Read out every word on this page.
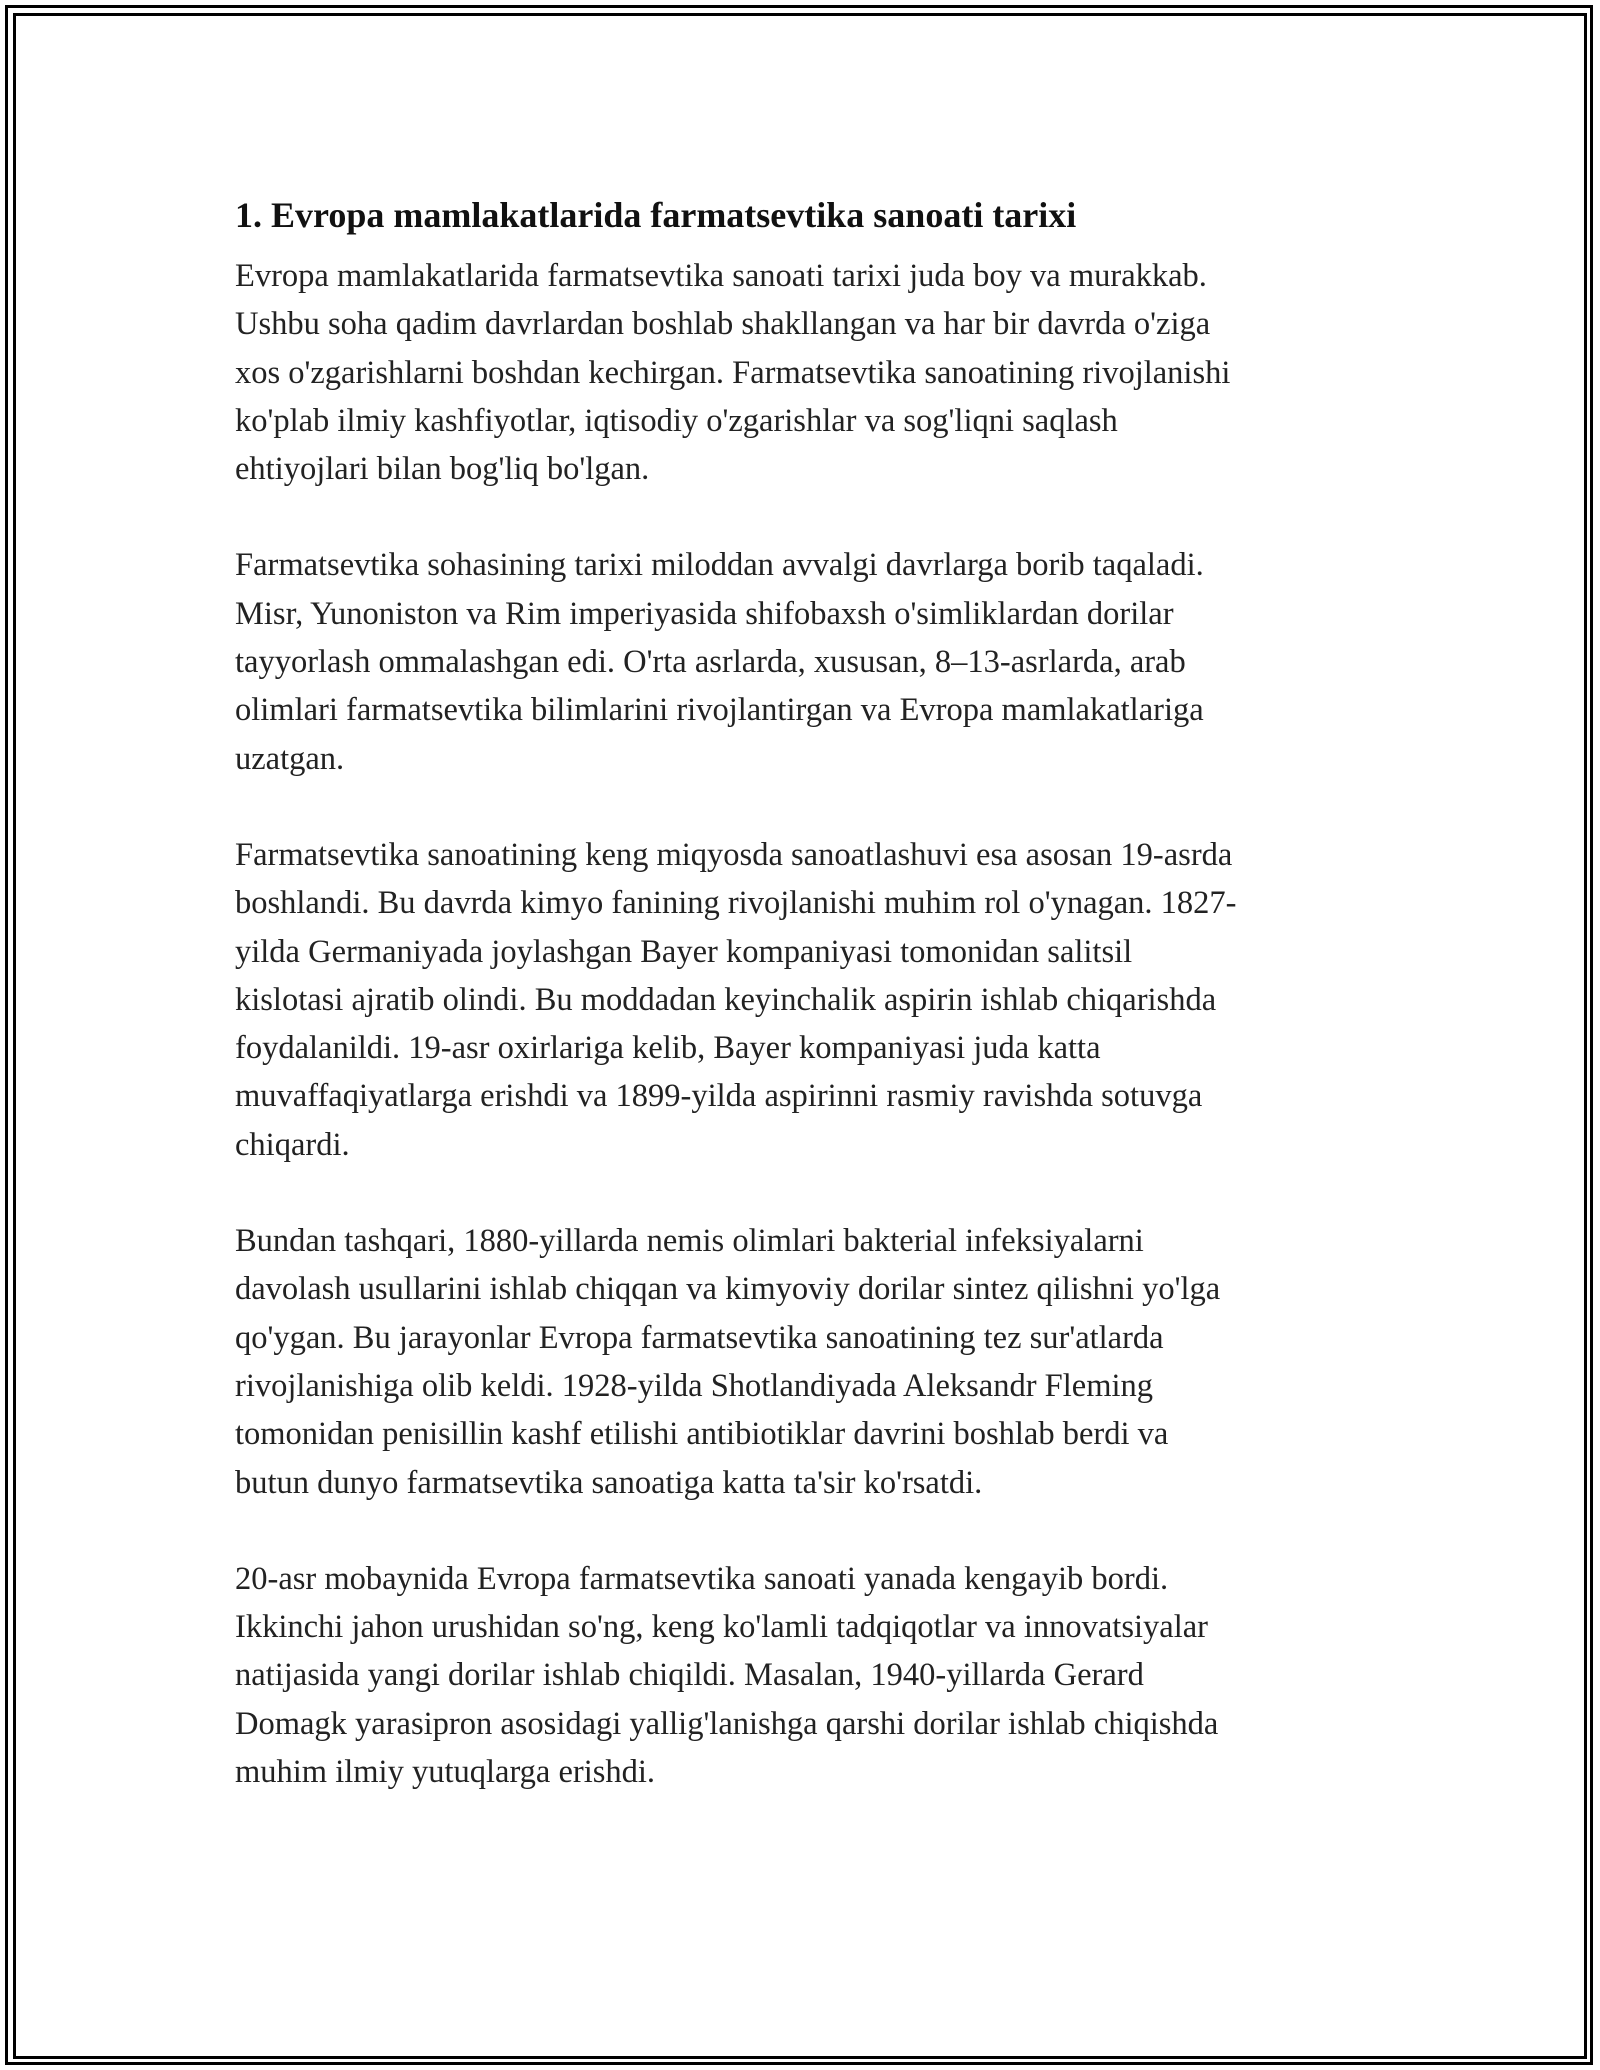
1. Evropa mamlakatlarida farmatsevtika sanoati tarixi
Evropa mamlakatlarida farmatsevtika sanoati tarixi juda boy va murakkab.
Ushbu soha qadim davrlardan boshlab shakllangan va har bir davrda o'ziga
xos o'zgarishlarni boshdan kechirgan. Farmatsevtika sanoatining rivojlanishi
ko'plab ilmiy kashfiyotlar, iqtisodiy o'zgarishlar va sog'liqni saqlash
ehtiyojlari bilan bog'liq bo'lgan.
Farmatsevtika sohasining tarixi miloddan avvalgi davrlarga borib taqaladi.
Misr, Yunoniston va Rim imperiyasida shifobaxsh o'simliklardan dorilar
tayyorlash ommalashgan edi. O'rta asrlarda, xususan, 8–13-asrlarda, arab
olimlari farmatsevtika bilimlarini rivojlantirgan va Evropa mamlakatlariga
uzatgan.
Farmatsevtika sanoatining keng miqyosda sanoatlashuvi esa asosan 19-asrda
boshlandi. Bu davrda kimyo fanining rivojlanishi muhim rol o'ynagan. 1827-
yilda Germaniyada joylashgan Bayer kompaniyasi tomonidan salitsil
kislotasi ajratib olindi. Bu moddadan keyinchalik aspirin ishlab chiqarishda
foydalanildi. 19-asr oxirlariga kelib, Bayer kompaniyasi juda katta
muvaffaqiyatlarga erishdi va 1899-yilda aspirinni rasmiy ravishda sotuvga
chiqardi.
Bundan tashqari, 1880-yillarda nemis olimlari bakterial infeksiyalarni
davolash usullarini ishlab chiqqan va kimyoviy dorilar sintez qilishni yo'lga
qo'ygan. Bu jarayonlar Evropa farmatsevtika sanoatining tez sur'atlarda
rivojlanishiga olib keldi. 1928-yilda Shotlandiyada Aleksandr Fleming
tomonidan penisillin kashf etilishi antibiotiklar davrini boshlab berdi va
butun dunyo farmatsevtika sanoatiga katta ta'sir ko'rsatdi.
20-asr mobaynida Evropa farmatsevtika sanoati yanada kengayib bordi.
Ikkinchi jahon urushidan so'ng, keng ko'lamli tadqiqotlar va innovatsiyalar
natijasida yangi dorilar ishlab chiqildi. Masalan, 1940-yillarda Gerard
Domagk yarasipron asosidagi yallig'lanishga qarshi dorilar ishlab chiqishda
muhim ilmiy yutuqlarga erishdi.
